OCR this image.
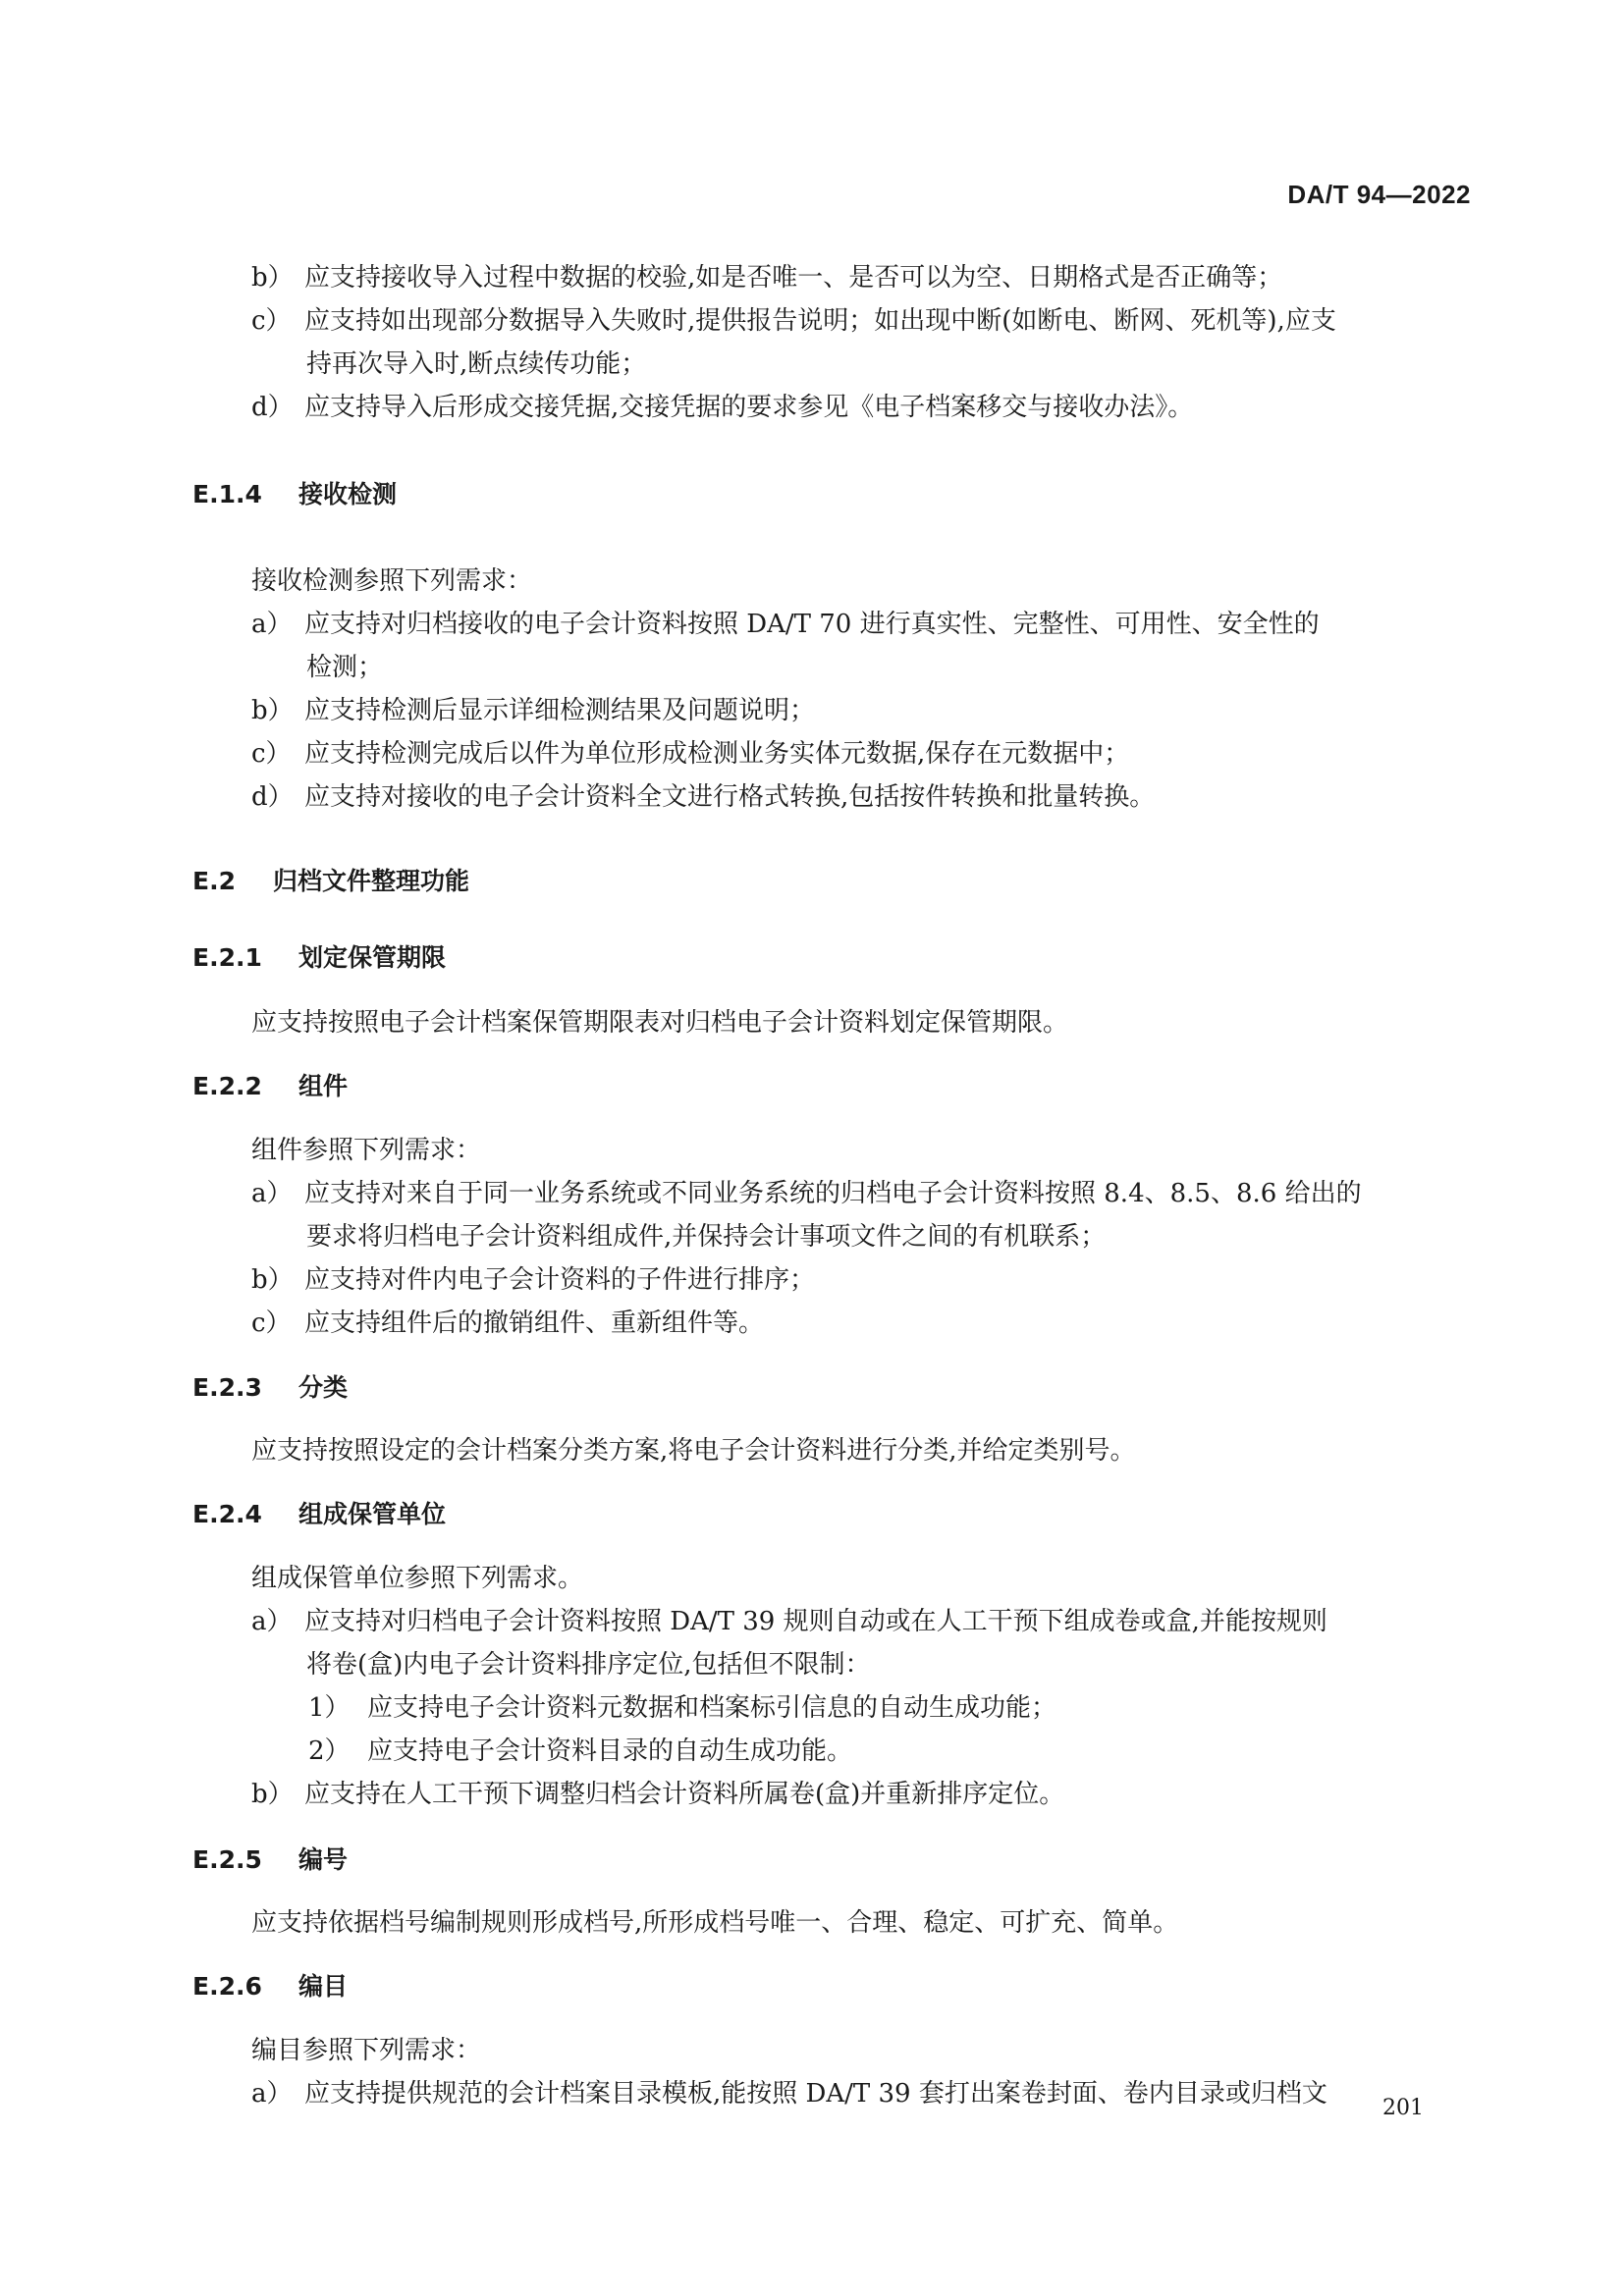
DA/T 94—2022
b） 应支持接收导入过程中数据的校验,如是否唯一、是否可以为空、日期格式是否正确等；
c） 应支持如出现部分数据导入失败时,提供报告说明；如出现中断(如断电、断网、死机等),应支
持再次导入时,断点续传功能；
d） 应支持导入后形成交接凭据,交接凭据的要求参见《电子档案移交与接收办法》。
E.1.4 接收检测
接收检测参照下列需求：
a） 应支持对归档接收的电子会计资料按照 DA/T 70 进行真实性、完整性、可用性、安全性的
检测；
b） 应支持检测后显示详细检测结果及问题说明；
c） 应支持检测完成后以件为单位形成检测业务实体元数据,保存在元数据中；
d） 应支持对接收的电子会计资料全文进行格式转换,包括按件转换和批量转换。
E.2 归档文件整理功能
E.2.1 划定保管期限
应支持按照电子会计档案保管期限表对归档电子会计资料划定保管期限。
E.2.2 组件
组件参照下列需求：
a） 应支持对来自于同一业务系统或不同业务系统的归档电子会计资料按照 8.4、8.5、8.6 给出的
要求将归档电子会计资料组成件,并保持会计事项文件之间的有机联系；
b） 应支持对件内电子会计资料的子件进行排序；
c） 应支持组件后的撤销组件、重新组件等。
E.2.3 分类
应支持按照设定的会计档案分类方案,将电子会计资料进行分类,并给定类别号。
E.2.4 组成保管单位
组成保管单位参照下列需求。
a） 应支持对归档电子会计资料按照 DA/T 39 规则自动或在人工干预下组成卷或盒,并能按规则
将卷(盒)内电子会计资料排序定位,包括但不限制：
1） 应支持电子会计资料元数据和档案标引信息的自动生成功能；
2） 应支持电子会计资料目录的自动生成功能。
b） 应支持在人工干预下调整归档会计资料所属卷(盒)并重新排序定位。
E.2.5 编号
应支持依据档号编制规则形成档号,所形成档号唯一、合理、稳定、可扩充、简单。
E.2.6 编目
编目参照下列需求：
a） 应支持提供规范的会计档案目录模板,能按照 DA/T 39 套打出案卷封面、卷内目录或归档文	201
